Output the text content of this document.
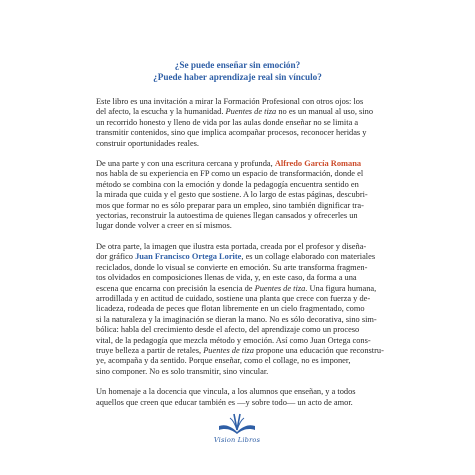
¿Se puede enseñar sin emoción?
¿Puede haber aprendizaje real sin vínculo?

Este libro es una invitación a mirar la Formación Profesional con otros ojos: los
del afecto, la escucha y la humanidad. Puentes de tiza no es un manual al uso, sino
un recorrido honesto y lleno de vida por las aulas donde enseñar no se limita a
transmitir contenidos, sino que implica acompañar procesos, reconocer heridas y
construir oportunidades reales.

De una parte y con una escritura cercana y profunda, Alfredo García Romana
nos habla de su experiencia en FP como un espacio de transformación, donde el
método se combina con la emoción y donde la pedagogía encuentra sentido en
la mirada que cuida y el gesto que sostiene. A lo largo de estas páginas, descubri-
mos que formar no es sólo preparar para un empleo, sino también dignificar tra-
yectorias, reconstruir la autoestima de quienes llegan cansados y ofrecerles un
lugar donde volver a creer en sí mismos.

De otra parte, la imagen que ilustra esta portada, creada por el profesor y diseña-
dor gráfico Juan Francisco Ortega Lorite, es un collage elaborado con materiales
reciclados, donde lo visual se convierte en emoción. Su arte transforma fragmen-
tos olvidados en composiciones llenas de vida, y, en este caso, da forma a una
escena que encarna con precisión la esencia de Puentes de tiza. Una figura humana,
arrodillada y en actitud de cuidado, sostiene una planta que crece con fuerza y de-
licadeza, rodeada de peces que flotan libremente en un cielo fragmentado, como
si la naturaleza y la imaginación se dieran la mano. No es sólo decorativa, sino sim-
bólica: habla del crecimiento desde el afecto, del aprendizaje como un proceso
vital, de la pedagogía que mezcla método y emoción. Así como Juan Ortega cons-
truye belleza a partir de retales, Puentes de tiza propone una educación que reconstru-
ye, acompaña y da sentido. Porque enseñar, como el collage, no es imponer,
sino componer. No es solo transmitir, sino vincular.

Un homenaje a la docencia que vincula, a los alumnos que enseñan, y a todos
aquellos que creen que educar también es —y sobre todo— un acto de amor.

Vision Libros
